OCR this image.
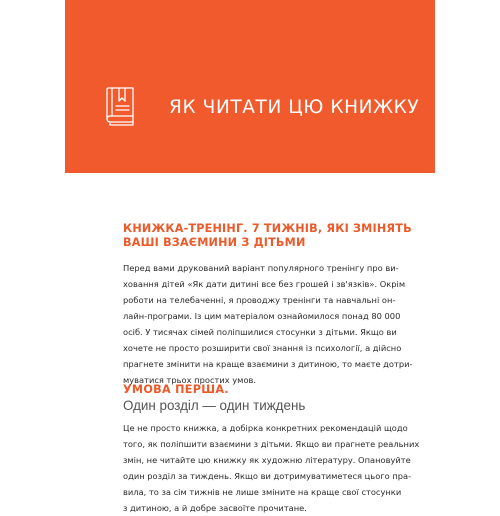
ЯК ЧИТАТИ ЦЮ КНИЖКУ
КНИЖКА-ТРЕНІНГ. 7 ТИЖНІВ, ЯКІ ЗМІНЯТЬ
ВАШІ ВЗАЄМИНИ З ДІТЬМИ
Перед вами друкований варіант популярного тренінгу про ви-
ховання дітей «Як дати дитині все без грошей і зв'язків». Окрім
роботи на телебаченні, я проводжу тренінги та навчальні он-
лайн-програми. Із цим матеріалом ознайомилося понад 80 000
осіб. У тисячах сімей поліпшилися стосунки з дітьми. Якщо ви
хочете не просто розширити свої знання із психології, а дійсно
прагнете змінити на краще взаємини з дитиною, то маєте дотри-
муватися трьох простих умов.
УМОВА ПЕРША.

Один розділ — один тиждень

Це не просто книжка, а добірка конкретних рекомендацій щодо
того, як поліпшити взаємини з дітьми. Якщо ви прагнете реальних
змін, не читайте цю книжку як художню літературу. Опановуйте
один розділ за тиждень. Якщо ви дотримуватиметеся цього пра-
вила, то за сім тижнів не лише зміните на краще свої стосунки
з дитиною, а й добре засвоїте прочитане.
